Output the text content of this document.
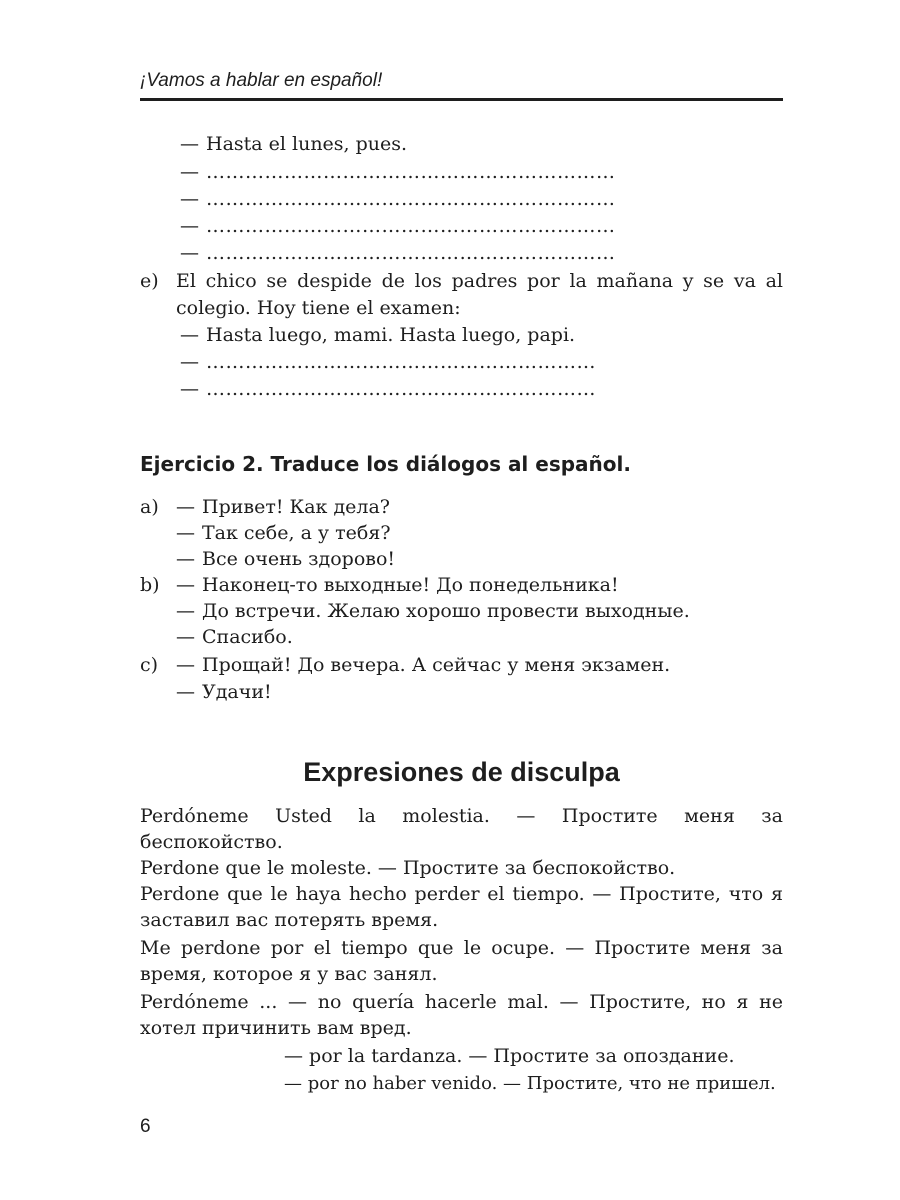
¡Vamos a hablar en español!
— Hasta el lunes, pues.
— ………………………………………………………
— ………………………………………………………
— ………………………………………………………
— ………………………………………………………
e) El chico se despide de los padres por la mañana y se va al
colegio. Hoy tiene el examen:
— Hasta luego, mami. Hasta luego, papi.
— ……………………………………………………
— ……………………………………………………
Ejercicio 2. Traduce los diálogos al español.
a) — Привет! Как дела?
— Так себе, а у тебя?
— Все очень здорово!
b) — Наконец-то выходные! До понедельника!
— До встречи. Желаю хорошо провести выходные.
— Спасибо.
c) — Прощай! До вечера. А сейчас у меня экзамен.
— Удачи!
Expresiones de disculpa
Perdóneme Usted la molestia. — Простите меня за
беспокойство.
Perdone que le moleste. — Простите за беспокойство.
Perdone que le haya hecho perder el tiempo. — Простите, что я
заставил вас потерять время.
Me perdone por el tiempo que le ocupe. — Простите меня за
время, которое я у вас занял.
Perdóneme ... — no quería hacerle mal. — Простите, но я не
хотел причинить вам вред.
— por la tardanza. — Простите за опоздание.
— por no haber venido. — Простите, что не пришел.
6
